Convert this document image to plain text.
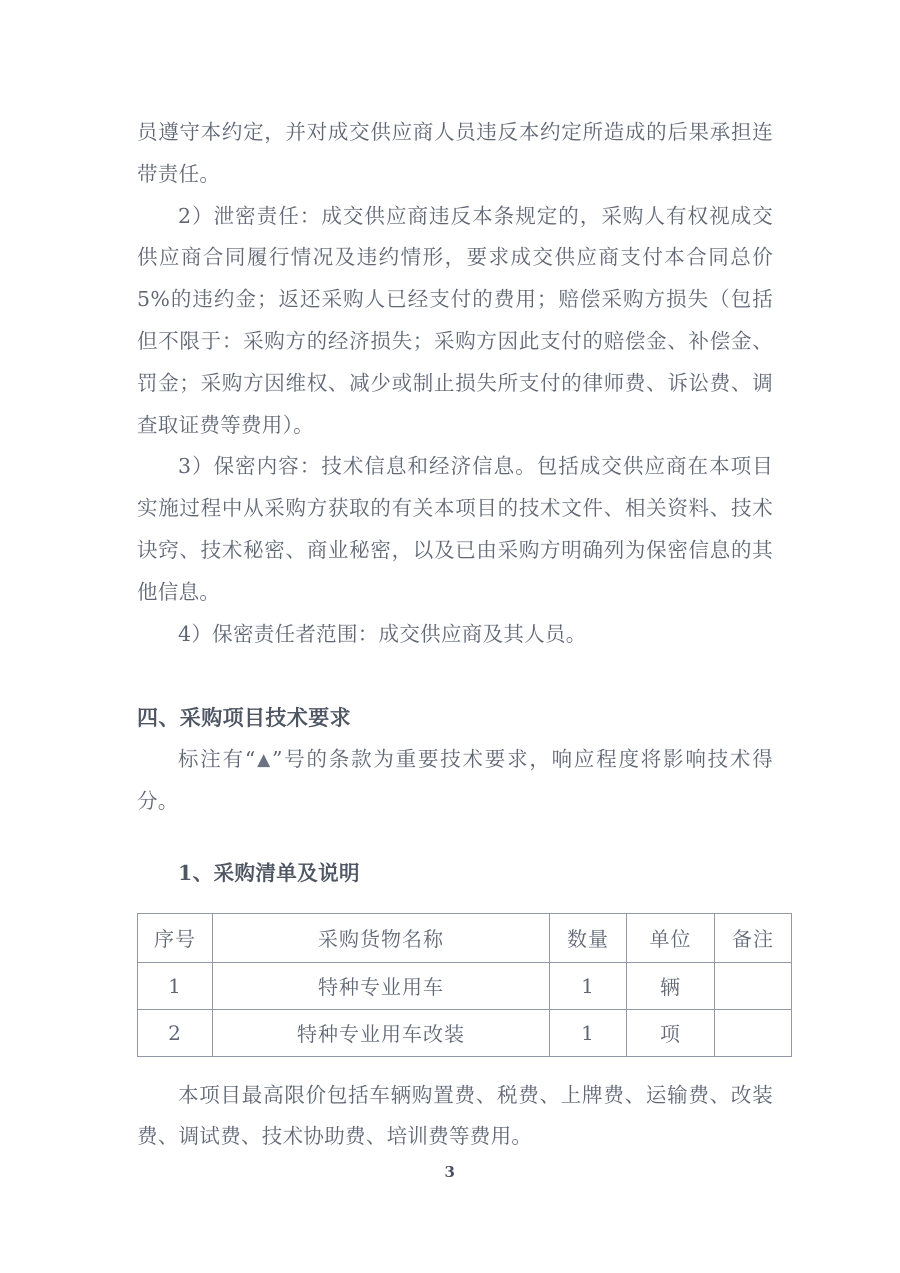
员遵守本约定，并对成交供应商人员违反本约定所造成的后果承担连带责任。

2）泄密责任：成交供应商违反本条规定的，采购人有权视成交供应商合同履行情况及违约情形，要求成交供应商支付本合同总价 5%的违约金；返还采购人已经支付的费用；赔偿采购方损失（包括但不限于：采购方的经济损失；采购方因此支付的赔偿金、补偿金、罚金；采购方因维权、减少或制止损失所支付的律师费、诉讼费、调查取证费等费用）。

3）保密内容：技术信息和经济信息。包括成交供应商在本项目实施过程中从采购方获取的有关本项目的技术文件、相关资料、技术诀窍、技术秘密、商业秘密，以及已由采购方明确列为保密信息的其他信息。

4）保密责任者范围：成交供应商及其人员。

四、采购项目技术要求

标注有“▲”号的条款为重要技术要求，响应程度将影响技术得分。

1、采购清单及说明
序号	采购货物名称	数量	单位	备注
1	特种专业用车	1	辆	
2	特种专业用车改装	1	项	

本项目最高限价包括车辆购置费、税费、上牌费、运输费、改装费、调试费、技术协助费、培训费等费用。

3
